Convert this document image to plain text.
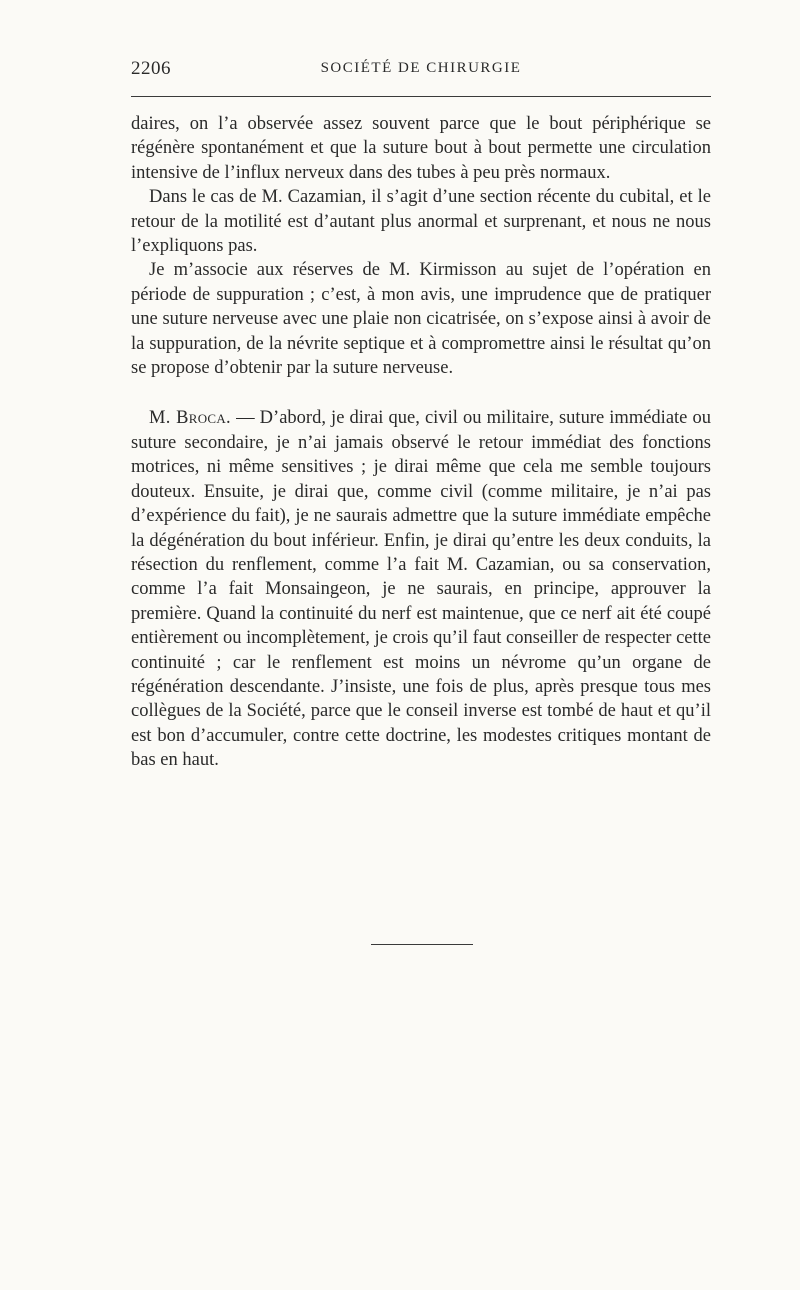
2206	SOCIÉTÉ DE CHIRURGIE

daires, on l’a observée assez souvent parce que le bout périphérique se régénère spontanément et que la suture bout à bout permette une circulation intensive de l’influx nerveux dans des tubes à peu près normaux.

Dans le cas de M. Cazamian, il s’agit d’une section récente du cubital, et le retour de la motilité est d’autant plus anormal et surprenant, et nous ne nous l’expliquons pas.

Je m’associe aux réserves de M. Kirmisson au sujet de l’opération en période de suppuration ; c’est, à mon avis, une imprudence que de pratiquer une suture nerveuse avec une plaie non cicatrisée, on s’expose ainsi à avoir de la suppuration, de la névrite septique et à compromettre ainsi le résultat qu’on se propose d’obtenir par la suture nerveuse.

M. Broca. — D’abord, je dirai que, civil ou militaire, suture immédiate ou suture secondaire, je n’ai jamais observé le retour immédiat des fonctions motrices, ni même sensitives ; je dirai même que cela me semble toujours douteux. Ensuite, je dirai que, comme civil (comme militaire, je n’ai pas d’expérience du fait), je ne saurais admettre que la suture immédiate empêche la dégénération du bout inférieur. Enfin, je dirai qu’entre les deux conduits, la résection du renflement, comme l’a fait M. Cazamian, ou sa conservation, comme l’a fait Monsaingeon, je ne saurais, en principe, approuver la première. Quand la continuité du nerf est maintenue, que ce nerf ait été coupé entièrement ou incomplètement, je crois qu’il faut conseiller de respecter cette continuité ; car le renflement est moins un névrome qu’un organe de régénération descendante. J’insiste, une fois de plus, après presque tous mes collègues de la Société, parce que le conseil inverse est tombé de haut et qu’il est bon d’accumuler, contre cette doctrine, les modestes critiques montant de bas en haut.
